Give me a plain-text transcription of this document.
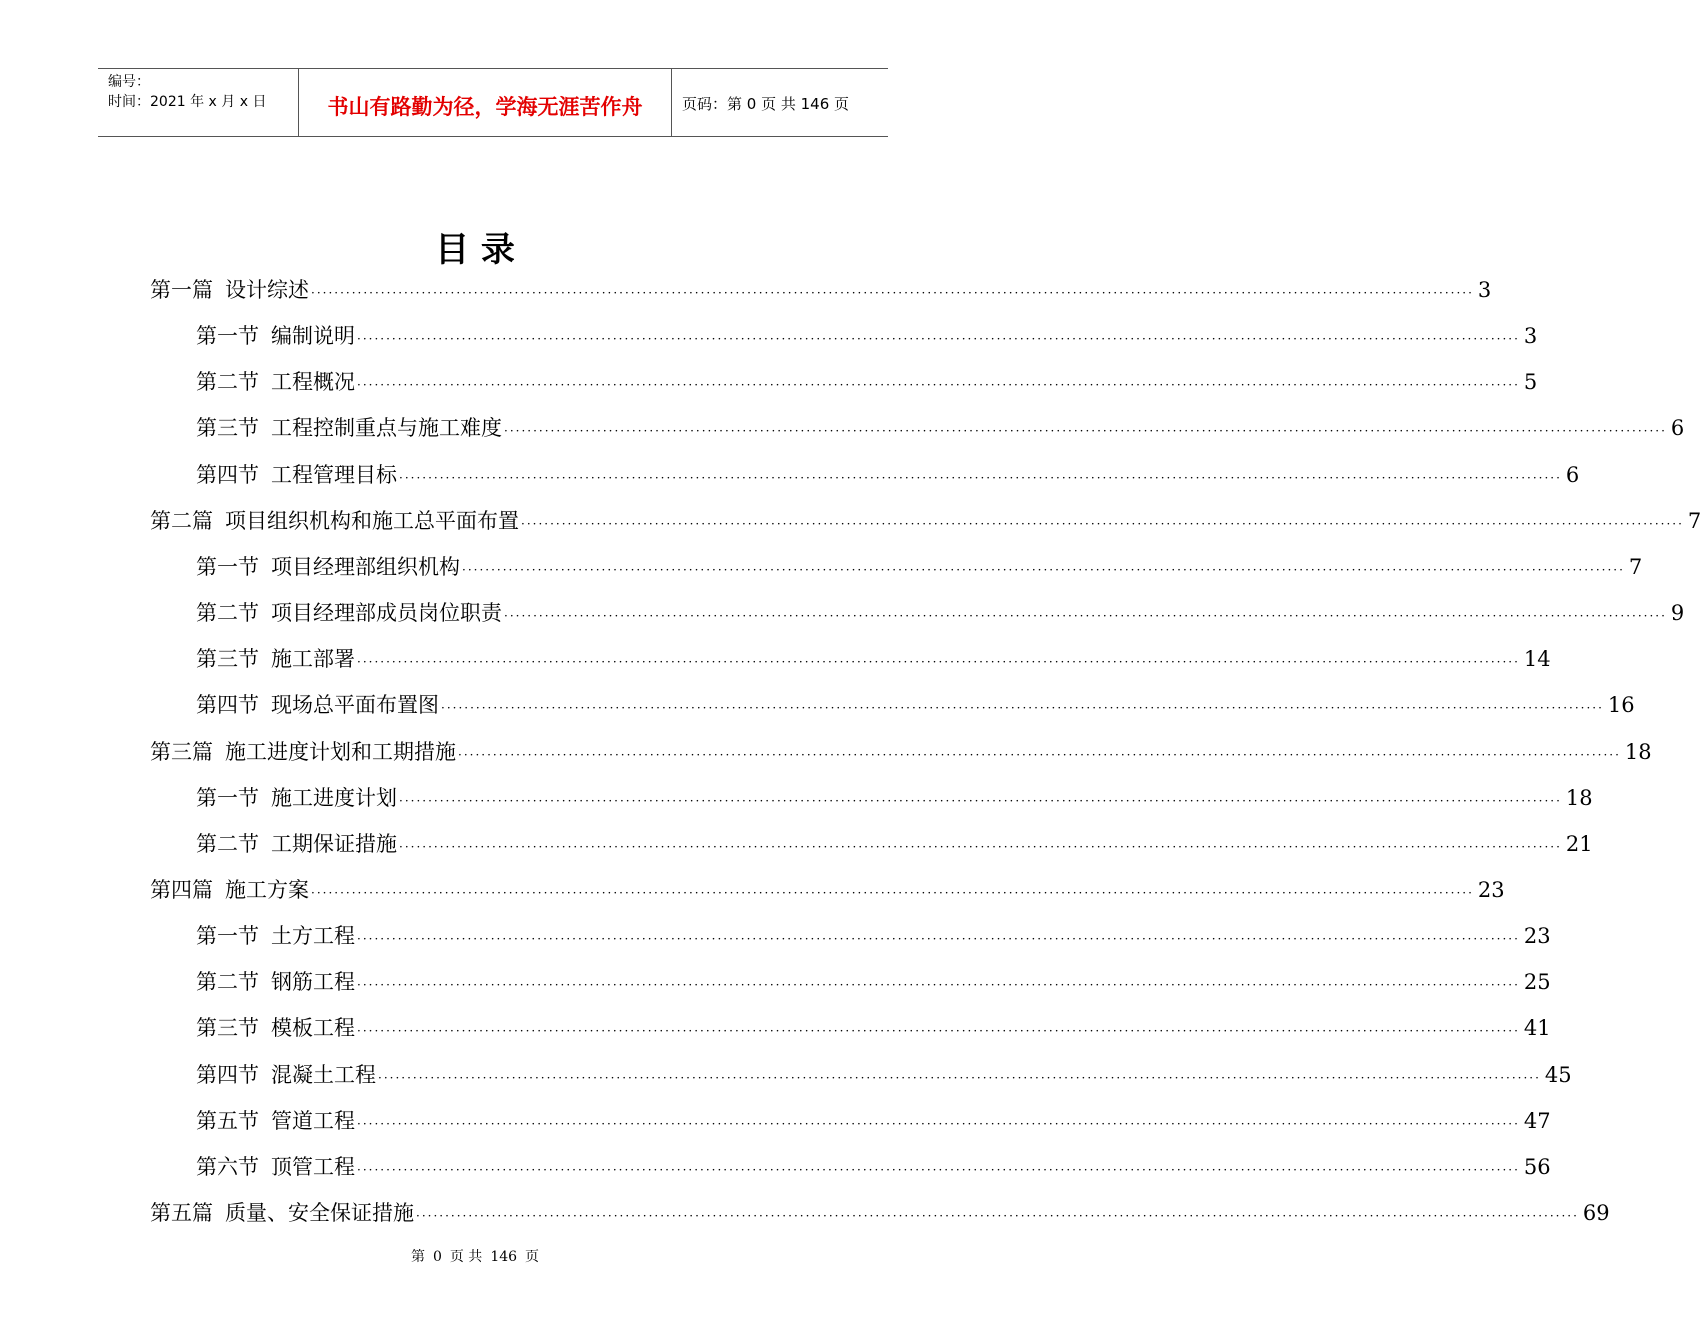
编号：
时间：2021 年 x 月 x 日	书山有路勤为径，学海无涯苦作舟	页码：第 0 页 共 146 页
目 录
第一篇 设计综述 ········································································································································································································ 3
第一节 编制说明 ········································································································································································································ 3
第二节 工程概况 ········································································································································································································ 5
第三节 工程控制重点与施工难度 ········································································································································································································ 6
第四节 工程管理目标 ········································································································································································································ 6
第二篇 项目组织机构和施工总平面布置 ········································································································································································································ 7
第一节 项目经理部组织机构 ········································································································································································································ 7
第二节 项目经理部成员岗位职责 ········································································································································································································ 9
第三节 施工部署 ········································································································································································································ 14
第四节 现场总平面布置图 ········································································································································································································ 16
第三篇 施工进度计划和工期措施 ········································································································································································································ 18
第一节 施工进度计划 ········································································································································································································ 18
第二节 工期保证措施 ········································································································································································································ 21
第四篇 施工方案 ········································································································································································································ 23
第一节 土方工程 ········································································································································································································ 23
第二节 钢筋工程 ········································································································································································································ 25
第三节 模板工程 ········································································································································································································ 41
第四节 混凝土工程 ········································································································································································································ 45
第五节 管道工程 ········································································································································································································ 47
第六节 顶管工程 ········································································································································································································ 56
第五篇 质量、安全保证措施 ········································································································································································································ 69
第 0 页 共 146 页
